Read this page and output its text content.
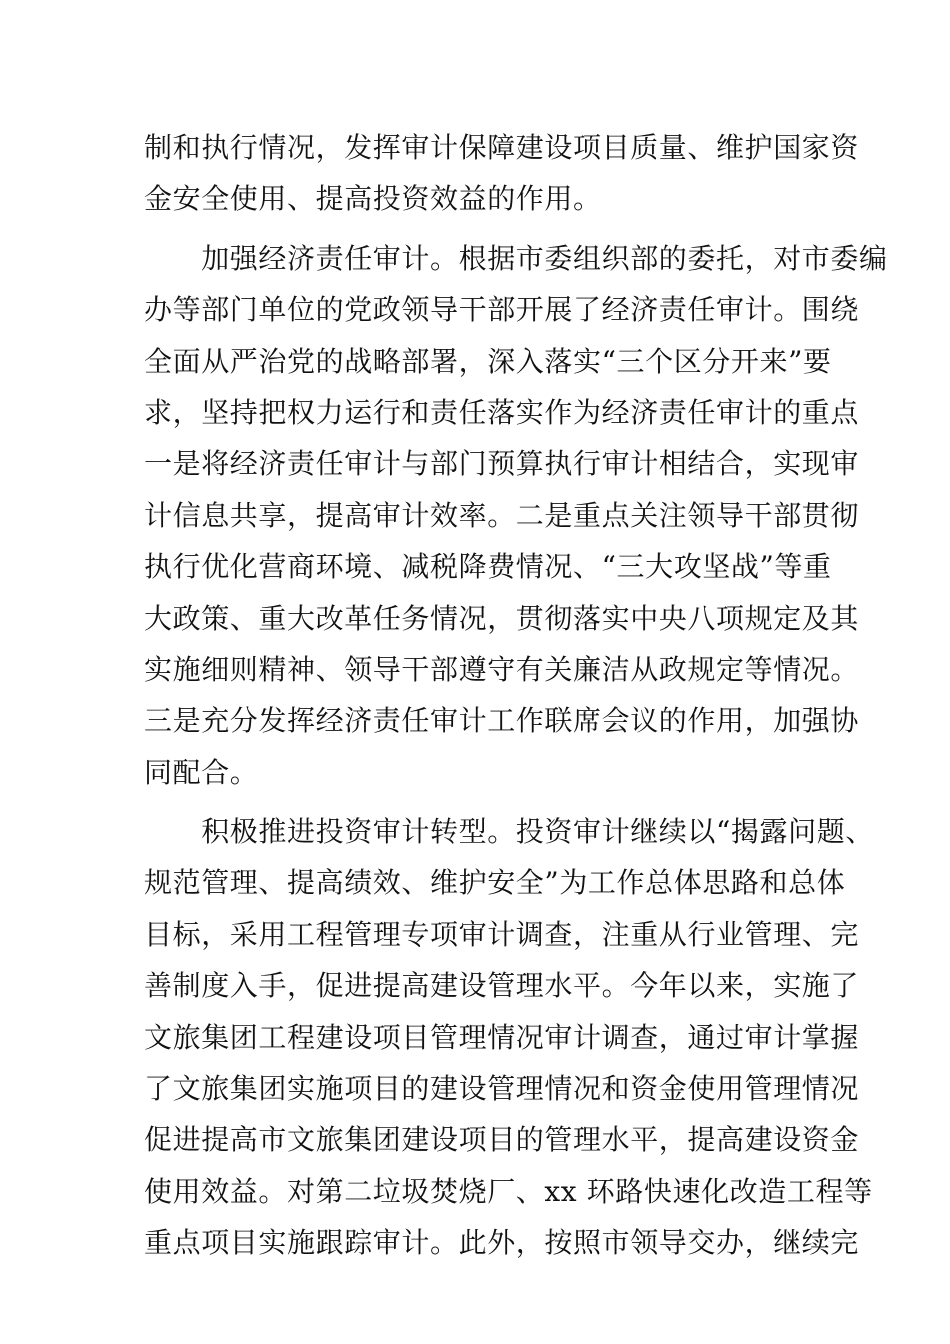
制和执行情况，发挥审计保障建设项目质量、维护国家资
金安全使用、提高投资效益的作用。
　　加强经济责任审计。根据市委组织部的委托，对市委编
办等部门单位的党政领导干部开展了经济责任审计。围绕
全面从严治党的战略部署，深入落实“三个区分开来”要
求，坚持把权力运行和责任落实作为经济责任审计的重点
一是将经济责任审计与部门预算执行审计相结合，实现审
计信息共享，提高审计效率。二是重点关注领导干部贯彻
执行优化营商环境、减税降费情况、“三大攻坚战”等重
大政策、重大改革任务情况，贯彻落实中央八项规定及其
实施细则精神、领导干部遵守有关廉洁从政规定等情况。
三是充分发挥经济责任审计工作联席会议的作用，加强协
同配合。
　　积极推进投资审计转型。投资审计继续以“揭露问题、
规范管理、提高绩效、维护安全”为工作总体思路和总体
目标，采用工程管理专项审计调查，注重从行业管理、完
善制度入手，促进提高建设管理水平。今年以来，实施了
文旅集团工程建设项目管理情况审计调查，通过审计掌握
了文旅集团实施项目的建设管理情况和资金使用管理情况
促进提高市文旅集团建设项目的管理水平，提高建设资金
使用效益。对第二垃圾焚烧厂、xx 环路快速化改造工程等
重点项目实施跟踪审计。此外，按照市领导交办，继续完
